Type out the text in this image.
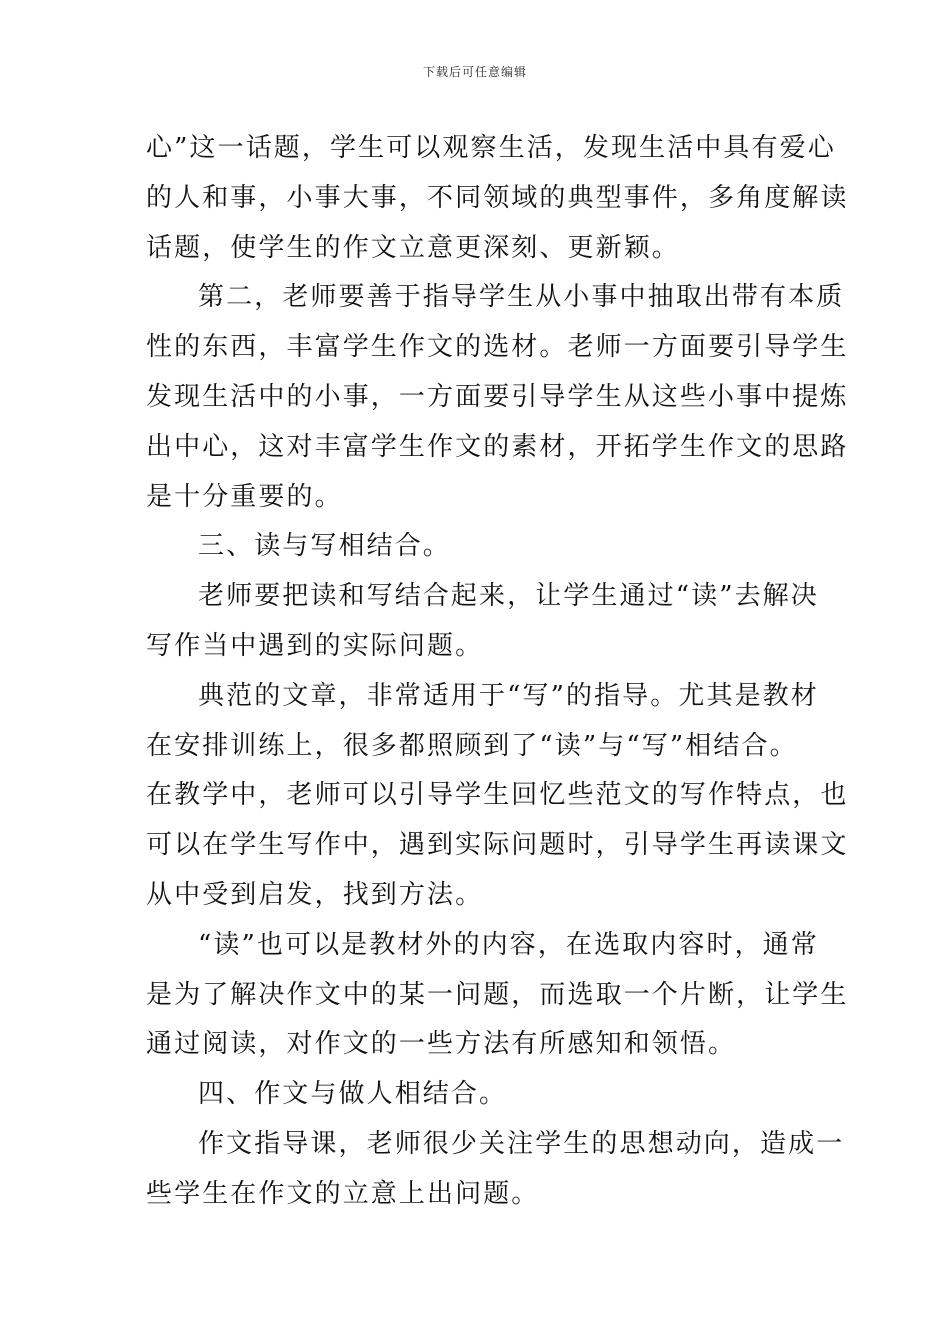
下载后可任意编辑
心”这一话题，学生可以观察生活，发现生活中具有爱心
的人和事，小事大事，不同领域的典型事件，多角度解读
话题，使学生的作文立意更深刻、更新颖。
第二，老师要善于指导学生从小事中抽取出带有本质
性的东西，丰富学生作文的选材。老师一方面要引导学生
发现生活中的小事，一方面要引导学生从这些小事中提炼
出中心，这对丰富学生作文的素材，开拓学生作文的思路
是十分重要的。
三、读与写相结合。
老师要把读和写结合起来，让学生通过“读”去解决
写作当中遇到的实际问题。
典范的文章，非常适用于“写”的指导。尤其是教材
在安排训练上，很多都照顾到了“读”与“写”相结合。
在教学中，老师可以引导学生回忆些范文的写作特点，也
可以在学生写作中，遇到实际问题时，引导学生再读课文
从中受到启发，找到方法。
“读”也可以是教材外的内容，在选取内容时，通常
是为了解决作文中的某一问题，而选取一个片断，让学生
通过阅读，对作文的一些方法有所感知和领悟。
四、作文与做人相结合。
作文指导课，老师很少关注学生的思想动向，造成一
些学生在作文的立意上出问题。
